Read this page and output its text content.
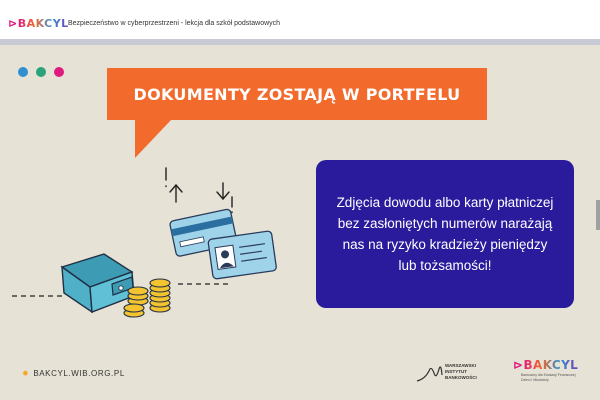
⊳BAKCYL Bezpieczeństwo w cyberprzestrzeni - lekcja dla szkół podstawowych
DOKUMENTY ZOSTAJĄ W PORTFELU
Zdjęcia dowodu albo karty płatniczej bez zasłoniętych numerów narażają nas na ryzyko kradzieży pieniędzy lub tożsamości!
✹ BAKCYL.WIB.ORG.PL
WARSZAWSKI INSTYTUT BANKOWOŚCI
⊳BAKCYL
Bankowcy dla Edukacji Finansowej Dzieci i Młodzieży
